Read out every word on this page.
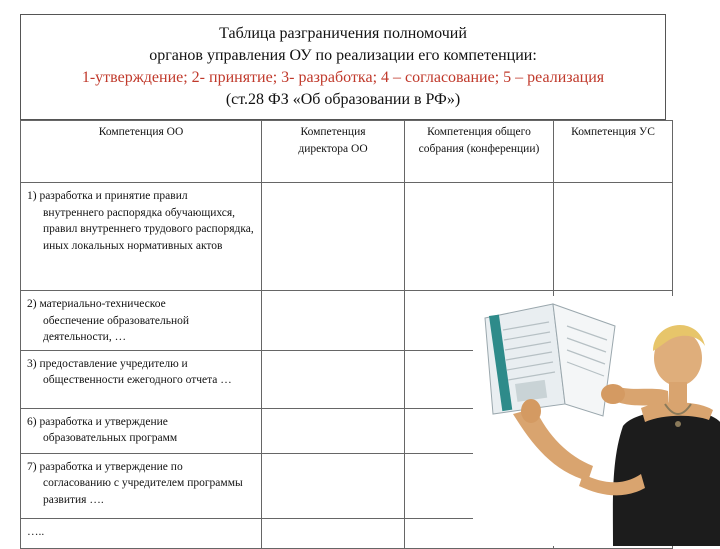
Таблица разграничения полномочий
органов управления ОУ по реализации его компетенции:
1-утверждение; 2- принятие; 3- разработка; 4 – согласование; 5 – реализация
(ст.28 ФЗ «Об образовании в РФ»)
Компетенция ОО	Компетенция директора ОО	Компетенция общего собрания (конференции)	Компетенция УС

1) разработка и принятие правил
внутреннего распорядка обучающихся, правил внутреннего трудового распорядка, иных локальных нормативных актов			

2) материально-техническое
обеспечение образовательной деятельности, …			

3) предоставление учредителю и
общественности ежегодного отчета …			

6) разработка и утверждение
образовательных программ			

7) разработка и утверждение по
согласованию с учредителем программы развития ….			

…..			
